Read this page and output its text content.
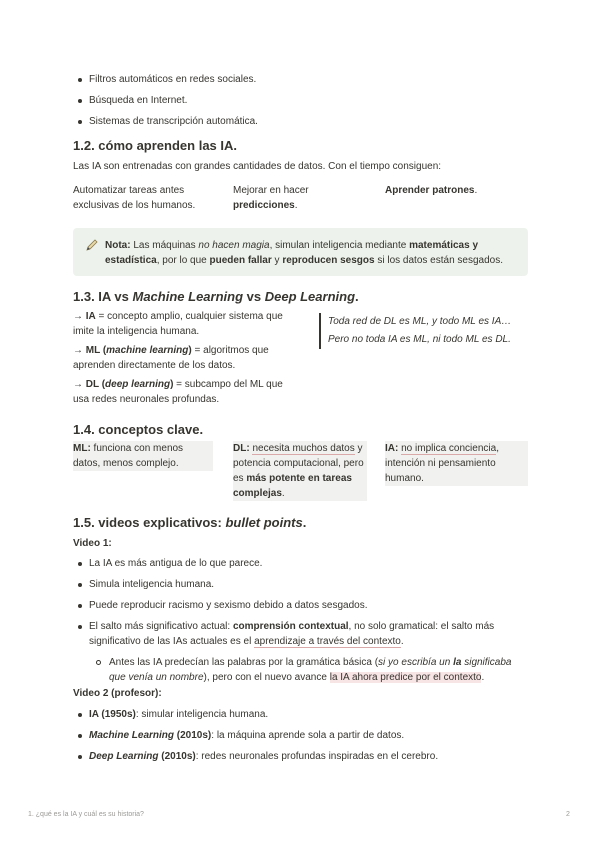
Filtros automáticos en redes sociales.
Búsqueda en Internet.
Sistemas de transcripción automática.
1.2. cómo aprenden las IA.
Las IA son entrenadas con grandes cantidades de datos. Con el tiempo consiguen:
Automatizar tareas antes exclusivas de los humanos.
Mejorar en hacer
predicciones.
Aprender patrones.
Nota: Las máquinas no hacen magia, simulan inteligencia mediante matemáticas y estadística, por lo que pueden fallar y reproducen sesgos si los datos están sesgados.
1.3. IA vs Machine Learning vs Deep Learning.
→ IA = concepto amplio, cualquier sistema que imite la inteligencia humana.
→ ML (machine learning) = algoritmos que aprenden directamente de los datos.
→ DL (deep learning) = subcampo del ML que usa redes neuronales profundas.
Toda red de DL es ML, y todo ML es IA…
Pero no toda IA es ML, ni todo ML es DL.
1.4. conceptos clave.
ML: funciona con menos datos, menos complejo.
DL: necesita muchos datos y potencia computacional, pero es más potente en tareas complejas.
IA: no implica conciencia, intención ni pensamiento humano.
1.5. videos explicativos: bullet points.
Video 1:
La IA es más antigua de lo que parece.
Simula inteligencia humana.
Puede reproducir racismo y sexismo debido a datos sesgados.
El salto más significativo actual: comprensión contextual, no solo gramatical: el salto más significativo de las IAs actuales es el aprendizaje a través del contexto.
Antes las IA predecían las palabras por la gramática básica (si yo escribía un la significaba que venía un nombre), pero con el nuevo avance la IA ahora predice por el contexto.
Video 2 (profesor):
IA (1950s): simular inteligencia humana.
Machine Learning (2010s): la máquina aprende sola a partir de datos.
Deep Learning (2010s): redes neuronales profundas inspiradas en el cerebro.
1. ¿qué es la IA y cuál es su historia?	2
